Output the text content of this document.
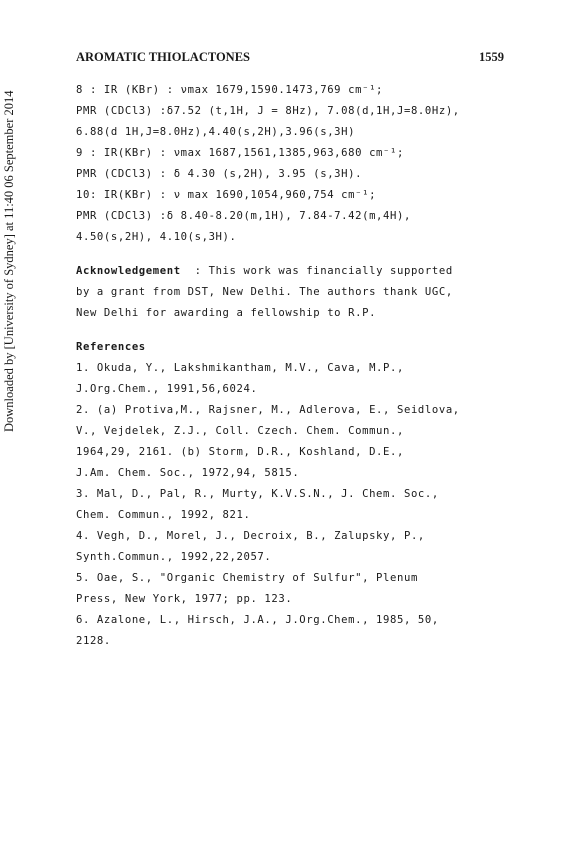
Downloaded by [University of Sydney] at 11:40 06 September 2014
AROMATIC THIOLACTONES	1559
8 : IR (KBr) : νmax 1679,1590.1473,769 cm⁻¹;
PMR (CDCl3) :δ7.52 (t,1H, J = 8Hz), 7.08(d,1H,J=8.0Hz),
6.88(d 1H,J=8.0Hz),4.40(s,2H),3.96(s,3H)
9 : IR(KBr) : νmax 1687,1561,1385,963,680 cm⁻¹;
PMR (CDCl3) : δ 4.30 (s,2H), 3.95 (s,3H).
10: IR(KBr) : ν max 1690,1054,960,754 cm⁻¹;
PMR (CDCl3) :δ 8.40-8.20(m,1H), 7.84-7.42(m,4H),
4.50(s,2H), 4.10(s,3H).
Acknowledgement : This work was financially supported
by a grant from DST, New Delhi. The authors thank UGC,
New Delhi for awarding a fellowship to R.P.
References
1. Okuda, Y., Lakshmikantham, M.V., Cava, M.P.,
J.Org.Chem., 1991,56,6024.
2. (a) Protiva,M., Rajsner, M., Adlerova, E., Seidlova,
V., Vejdelek, Z.J., Coll. Czech. Chem. Commun.,
1964,29, 2161. (b) Storm, D.R., Koshland, D.E.,
J.Am. Chem. Soc., 1972,94, 5815.
3. Mal, D., Pal, R., Murty, K.V.S.N., J. Chem. Soc.,
Chem. Commun., 1992, 821.
4. Vegh, D., Morel, J., Decroix, B., Zalupsky, P.,
Synth.Commun., 1992,22,2057.
5. Oae, S., "Organic Chemistry of Sulfur", Plenum
Press, New York, 1977; pp. 123.
6. Azalone, L., Hirsch, J.A., J.Org.Chem., 1985, 50,
2128.
